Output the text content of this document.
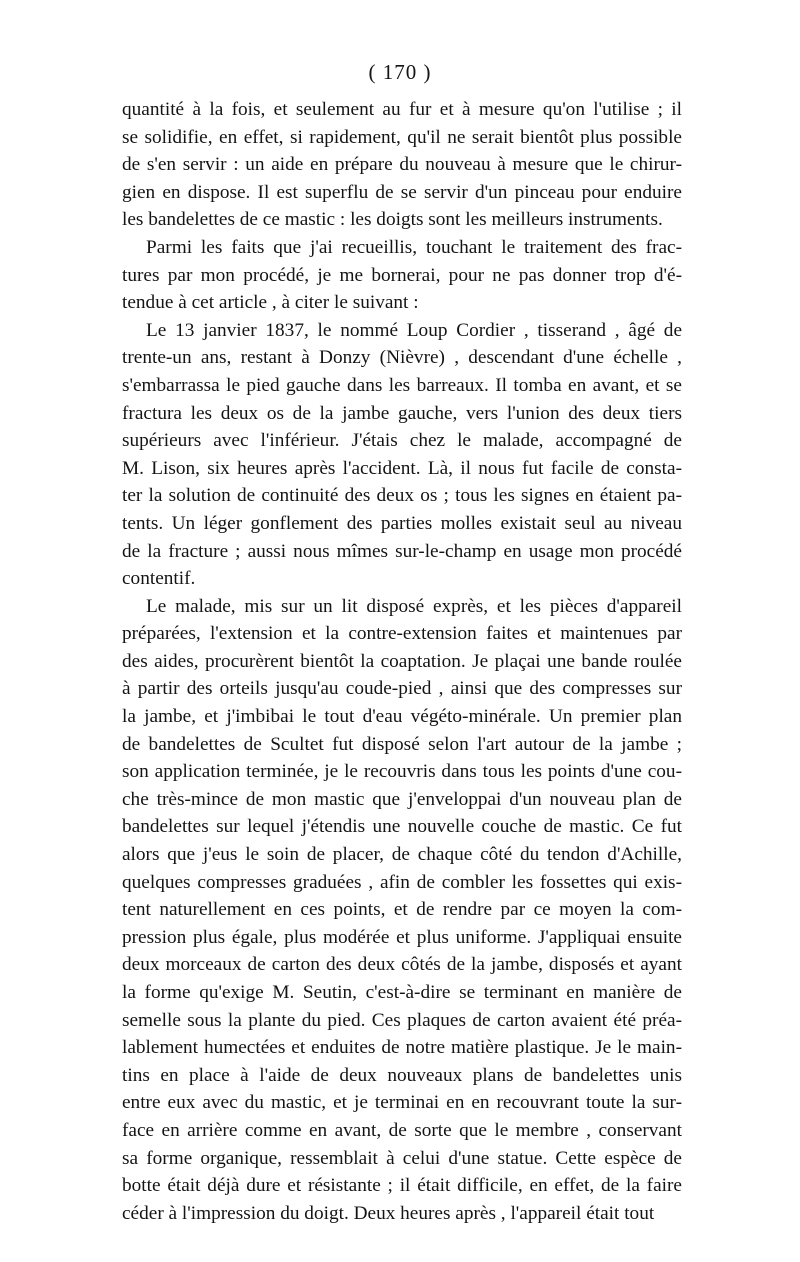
( 170 )
quantité à la fois, et seulement au fur et à mesure qu'on l'utilise ; il
se solidifie, en effet, si rapidement, qu'il ne serait bientôt plus possible
de s'en servir : un aide en prépare du nouveau à mesure que le chirur-
gien en dispose. Il est superflu de se servir d'un pinceau pour enduire
les bandelettes de ce mastic : les doigts sont les meilleurs instruments.
Parmi les faits que j'ai recueillis, touchant le traitement des frac-
tures par mon procédé, je me bornerai, pour ne pas donner trop d'é-
tendue à cet article , à citer le suivant :
Le 13 janvier 1837, le nommé Loup Cordier , tisserand , âgé de
trente-un ans, restant à Donzy (Nièvre) , descendant d'une échelle ,
s'embarrassa le pied gauche dans les barreaux. Il tomba en avant, et se
fractura les deux os de la jambe gauche, vers l'union des deux tiers
supérieurs avec l'inférieur. J'étais chez le malade, accompagné de
M. Lison, six heures après l'accident. Là, il nous fut facile de consta-
ter la solution de continuité des deux os ; tous les signes en étaient pa-
tents. Un léger gonflement des parties molles existait seul au niveau
de la fracture ; aussi nous mîmes sur-le-champ en usage mon procédé
contentif.
Le malade, mis sur un lit disposé exprès, et les pièces d'appareil
préparées, l'extension et la contre-extension faites et maintenues par
des aides, procurèrent bientôt la coaptation. Je plaçai une bande roulée
à partir des orteils jusqu'au coude-pied , ainsi que des compresses sur
la jambe, et j'imbibai le tout d'eau végéto-minérale. Un premier plan
de bandelettes de Scultet fut disposé selon l'art autour de la jambe ;
son application terminée, je le recouvris dans tous les points d'une cou-
che très-mince de mon mastic que j'enveloppai d'un nouveau plan de
bandelettes sur lequel j'étendis une nouvelle couche de mastic. Ce fut
alors que j'eus le soin de placer, de chaque côté du tendon d'Achille,
quelques compresses graduées , afin de combler les fossettes qui exis-
tent naturellement en ces points, et de rendre par ce moyen la com-
pression plus égale, plus modérée et plus uniforme. J'appliquai ensuite
deux morceaux de carton des deux côtés de la jambe, disposés et ayant
la forme qu'exige M. Seutin, c'est-à-dire se terminant en manière de
semelle sous la plante du pied. Ces plaques de carton avaient été préa-
lablement humectées et enduites de notre matière plastique. Je le main-
tins en place à l'aide de deux nouveaux plans de bandelettes unis
entre eux avec du mastic, et je terminai en en recouvrant toute la sur-
face en arrière comme en avant, de sorte que le membre , conservant
sa forme organique, ressemblait à celui d'une statue. Cette espèce de
botte était déjà dure et résistante ; il était difficile, en effet, de la faire
céder à l'impression du doigt. Deux heures après , l'appareil était tout
